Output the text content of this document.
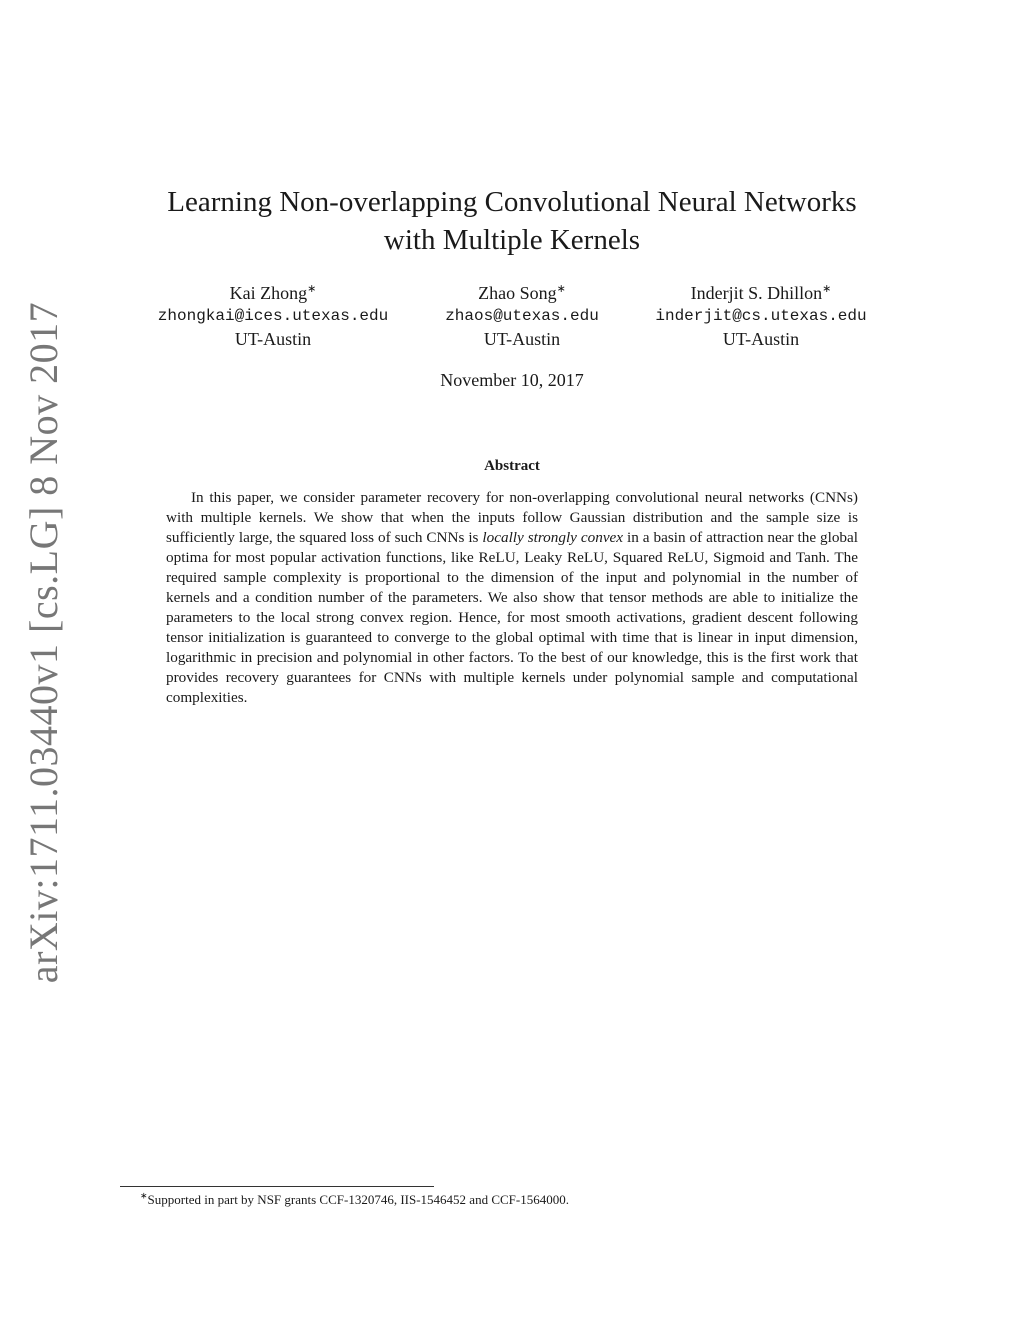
arXiv:1711.03440v1 [cs.LG] 8 Nov 2017
Learning Non-overlapping Convolutional Neural Networks
with Multiple Kernels
Kai Zhong∗
zhongkai@ices.utexas.edu
UT-Austin
Zhao Song∗
zhaos@utexas.edu
UT-Austin
Inderjit S. Dhillon∗
inderjit@cs.utexas.edu
UT-Austin
November 10, 2017
Abstract

In this paper, we consider parameter recovery for non-overlapping convolutional neural networks (CNNs) with multiple kernels. We show that when the inputs follow Gaussian distribution and the sample size is sufficiently large, the squared loss of such CNNs is locally strongly convex in a basin of attraction near the global optima for most popular activation functions, like ReLU, Leaky ReLU, Squared ReLU, Sigmoid and Tanh. The required sample complexity is proportional to the dimension of the input and polynomial in the number of kernels and a condition number of the parameters. We also show that tensor methods are able to initialize the parameters to the local strong convex region. Hence, for most smooth activations, gradient descent following tensor initialization is guaranteed to converge to the global optimal with time that is linear in input dimension, logarithmic in precision and polynomial in other factors. To the best of our knowledge, this is the first work that provides recovery guarantees for CNNs with multiple kernels under polynomial sample and computational complexities.

∗Supported in part by NSF grants CCF-1320746, IIS-1546452 and CCF-1564000.
